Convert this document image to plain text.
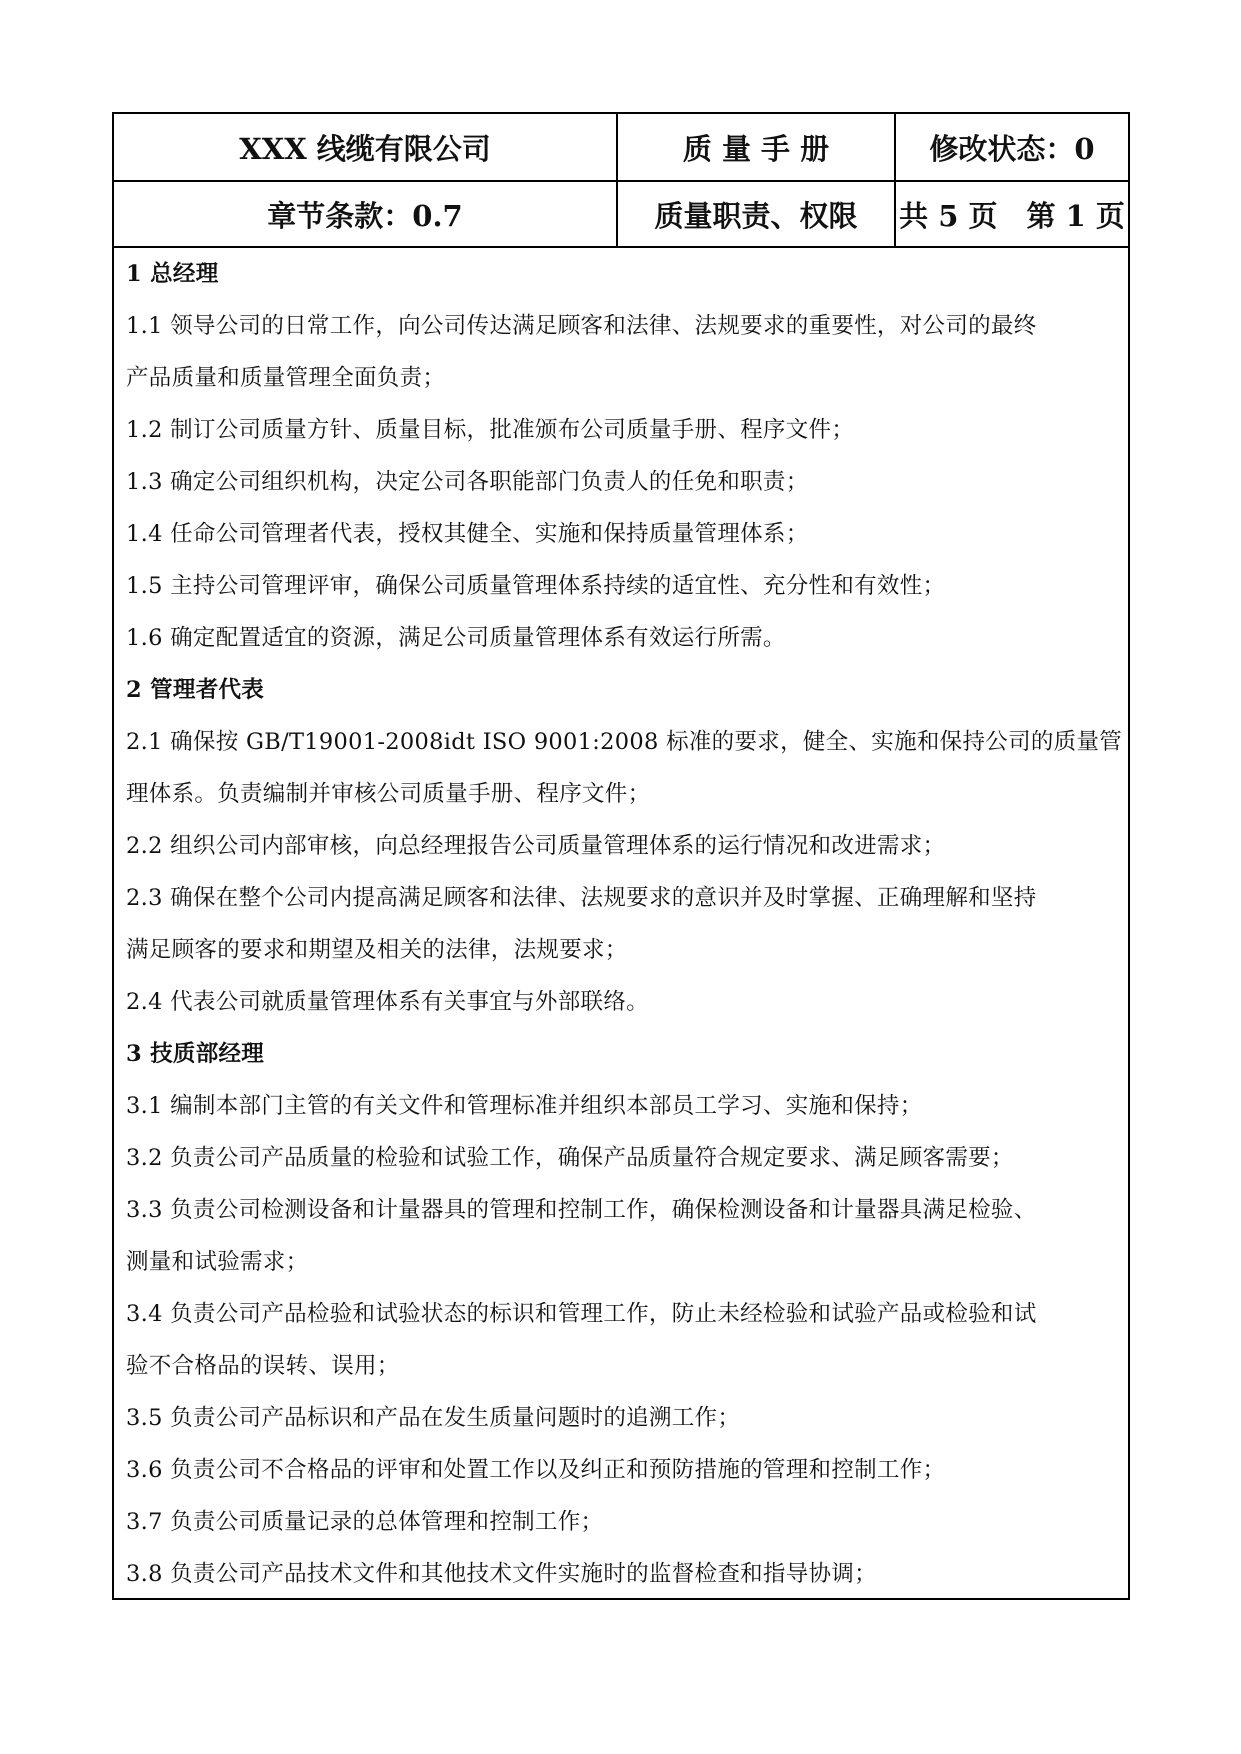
XXX 线缆有限公司	质 量 手 册	修改状态：0
章节条款：0.7	质量职责、权限	共 5 页　第 1 页
1 总经理
1.1 领导公司的日常工作，向公司传达满足顾客和法律、法规要求的重要性，对公司的最终
产品质量和质量管理全面负责；
1.2 制订公司质量方针、质量目标，批准颁布公司质量手册、程序文件；
1.3 确定公司组织机构，决定公司各职能部门负责人的任免和职责；
1.4 任命公司管理者代表，授权其健全、实施和保持质量管理体系；
1.5 主持公司管理评审，确保公司质量管理体系持续的适宜性、充分性和有效性；
1.6 确定配置适宜的资源，满足公司质量管理体系有效运行所需。
2 管理者代表
2.1 确保按 GB/T19001-2008idt ISO 9001:2008 标准的要求，健全、实施和保持公司的质量管
理体系。负责编制并审核公司质量手册、程序文件；
2.2 组织公司内部审核，向总经理报告公司质量管理体系的运行情况和改进需求；
2.3 确保在整个公司内提高满足顾客和法律、法规要求的意识并及时掌握、正确理解和坚持
满足顾客的要求和期望及相关的法律，法规要求；
2.4 代表公司就质量管理体系有关事宜与外部联络。
3 技质部经理
3.1 编制本部门主管的有关文件和管理标准并组织本部员工学习、实施和保持；
3.2 负责公司产品质量的检验和试验工作，确保产品质量符合规定要求、满足顾客需要；
3.3 负责公司检测设备和计量器具的管理和控制工作，确保检测设备和计量器具满足检验、
测量和试验需求；
3.4 负责公司产品检验和试验状态的标识和管理工作，防止未经检验和试验产品或检验和试
验不合格品的误转、误用；
3.5 负责公司产品标识和产品在发生质量问题时的追溯工作；
3.6 负责公司不合格品的评审和处置工作以及纠正和预防措施的管理和控制工作；
3.7 负责公司质量记录的总体管理和控制工作；
3.8 负责公司产品技术文件和其他技术文件实施时的监督检查和指导协调；
